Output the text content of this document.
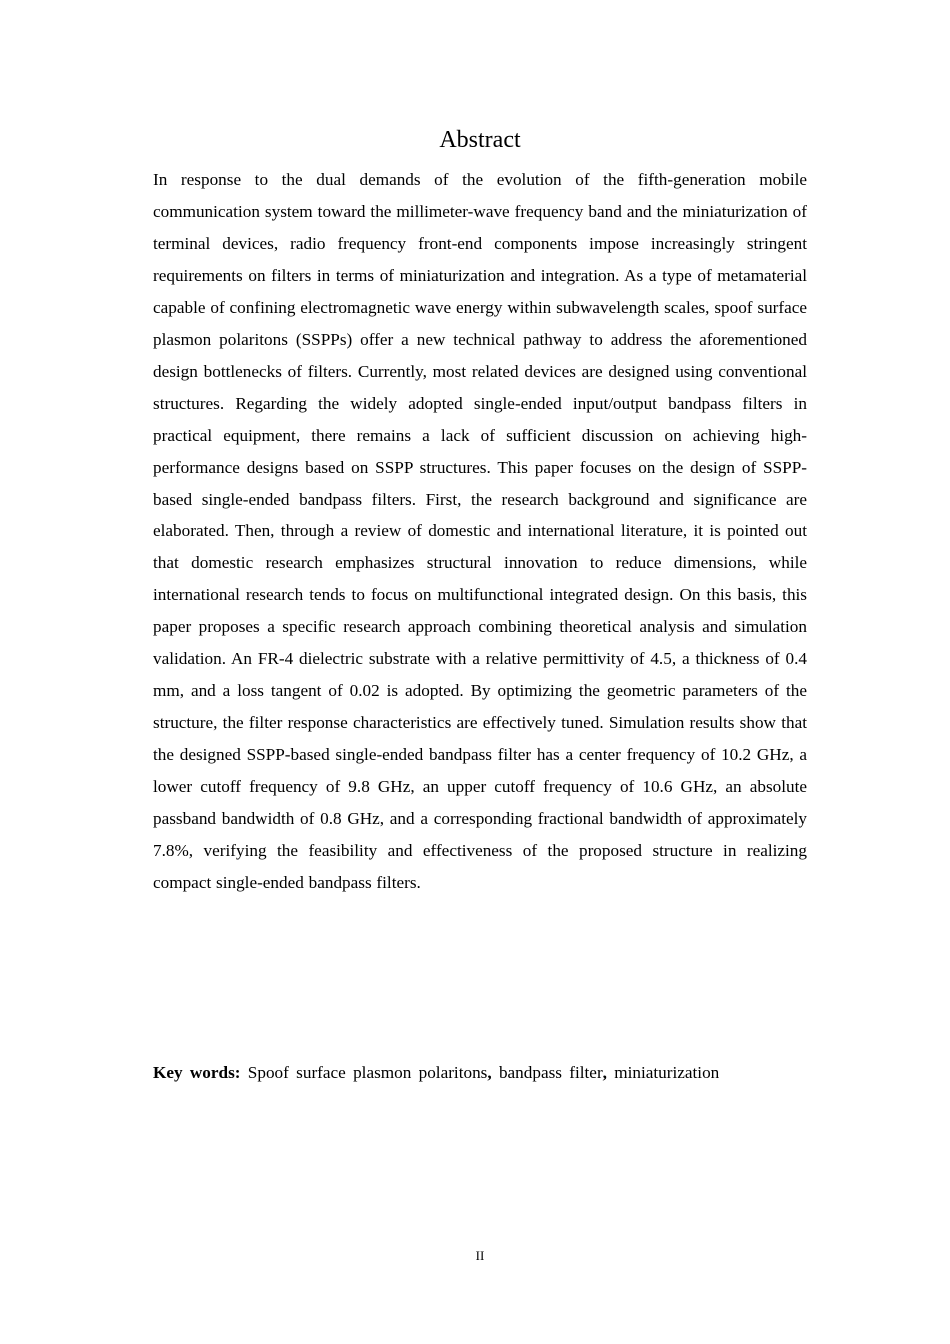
Abstract

In response to the dual demands of the evolution of the fifth-generation mobile communication system toward the millimeter-wave frequency band and the miniaturization of terminal devices, radio frequency front-end components impose increasingly stringent requirements on filters in terms of miniaturization and integration. As a type of metamaterial capable of confining electromagnetic wave energy within subwavelength scales, spoof surface plasmon polaritons (SSPPs) offer a new technical pathway to address the aforementioned design bottlenecks of filters. Currently, most related devices are designed using conventional structures. Regarding the widely adopted single-ended input/output bandpass filters in practical equipment, there remains a lack of sufficient discussion on achieving high-performance designs based on SSPP structures. This paper focuses on the design of SSPP-based single-ended bandpass filters. First, the research background and significance are elaborated. Then, through a review of domestic and international literature, it is pointed out that domestic research emphasizes structural innovation to reduce dimensions, while international research tends to focus on multifunctional integrated design. On this basis, this paper proposes a specific research approach combining theoretical analysis and simulation validation. An FR-4 dielectric substrate with a relative permittivity of 4.5, a thickness of 0.4 mm, and a loss tangent of 0.02 is adopted. By optimizing the geometric parameters of the structure, the filter response characteristics are effectively tuned. Simulation results show that the designed SSPP-based single-ended bandpass filter has a center frequency of 10.2 GHz, a lower cutoff frequency of 9.8 GHz, an upper cutoff frequency of 10.6 GHz, an absolute passband bandwidth of 0.8 GHz, and a corresponding fractional bandwidth of approximately 7.8%, verifying the feasibility and effectiveness of the proposed structure in realizing compact single-ended bandpass filters.

Key words: Spoof surface plasmon polaritons, bandpass filter, miniaturization

II
